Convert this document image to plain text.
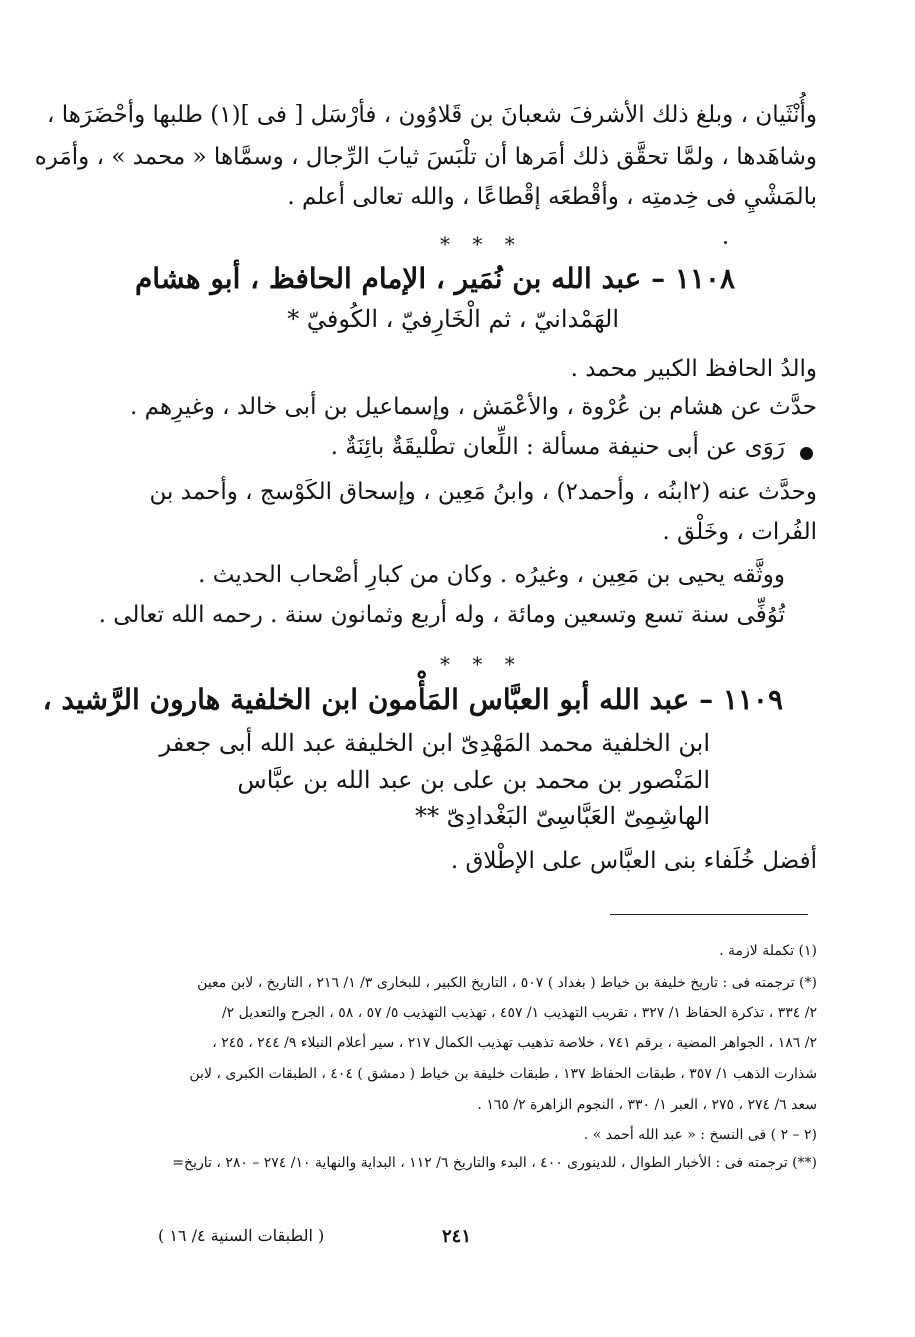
وأُنْثَيان ، وبلغ ذلك الأشرفَ شعبانَ بن قَلاوُون ، فأرْسَل [ فى ](١) طلبها وأحْضَرَها ،
وشاهَدها ، ولمَّا تحقَّق ذلك أمَرها أن تلْبَسَ ثيابَ الرِّجال ، وسمَّاها « محمد » ، وأمَره
بالمَشْيِ فى خِدمتِه ، وأقْطعَه إقْطاعًا ، والله تعالى أعلم .
* * *
١١٠٨ – عبد الله بن نُمَير ، الإمام الحافظ ، أبو هشام
الهَمْدانيّ ، ثم الْخَارِفيّ ، الكُوفيّ *
والدُ الحافظ الكبير محمد .
حدَّث عن هشام بن عُرْوة ، والأعْمَش ، وإسماعيل بن أبى خالد ، وغيرِهم .
رَوَى عن أبى حنيفة مسألة : اللِّعان تطْليقَةٌ بائِنَةٌ .
وحدَّث عنه (٢ابنُه ، وأحمد٢) ، وابنُ مَعِين ، وإسحاق الكَوْسج ، وأحمد بن
الفُرات ، وخَلْق .
ووثَّقه يحيى بن مَعِين ، وغيرُه . وكان من كبارِ أصْحاب الحديث .
تُوُفِّى سنة تسع وتسعين ومائة ، وله أربع وثمانون سنة . رحمه الله تعالى .
* * *
١١٠٩ – عبد الله أبو العبَّاس المَأْمون ابن الخلفية هارون الرَّشيد ،
ابن الخلفية محمد المَهْدِىّ ابن الخليفة عبد الله أبى جعفر
المَنْصور بن محمد بن على بن عبد الله بن عبَّاس
الهاشِمِىّ العَبَّاسِىّ البَغْدادِىّ **
أفضل خُلَفاء بنى العبَّاس على الإطْلاق .
(١) تكملة لازمة .
(*) ترجمته فى : تاريخ خليفة بن خياط ( بغداد ) ٥٠٧ ، التاريخ الكبير ، للبخارى ٣/ ١/ ٢١٦ ، التاريخ ، لابن معين
٢/ ٣٣٤ ، تذكرة الحفاظ ١/ ٣٢٧ ، تقريب التهذيب ١/ ٤٥٧ ، تهذيب التهذيب ٥/ ٥٧ ، ٥٨ ، الجرح والتعديل ٢/
٢/ ١٨٦ ، الجواهر المضية ، برقم ٧٤١ ، خلاصة تذهيب تهذيب الكمال ٢١٧ ، سير أعلام النبلاء ٩/ ٢٤٤ ، ٢٤٥ ،
شذارت الذهب ١/ ٣٥٧ ، طبقات الحفاظ ١٣٧ ، طبقات خليفة بن خياط ( دمشق ) ٤٠٤ ، الطبقات الكبرى ، لابن
سعد ٦/ ٢٧٤ ، ٢٧٥ ، العبر ١/ ٣٣٠ ، النجوم الزاهرة ٢/ ١٦٥ .
(٢ – ٢ ) فى النسخ : « عبد الله أحمد » .
(**) ترجمته فى : الأخبار الطوال ، للدينورى ٤٠٠ ، البدء والتاريخ ٦/ ١١٢ ، البداية والنهاية ١٠/ ٢٧٤ – ٢٨٠ ، تاريخ=
٢٤١
( الطبقات السنية ٤/ ١٦ )
